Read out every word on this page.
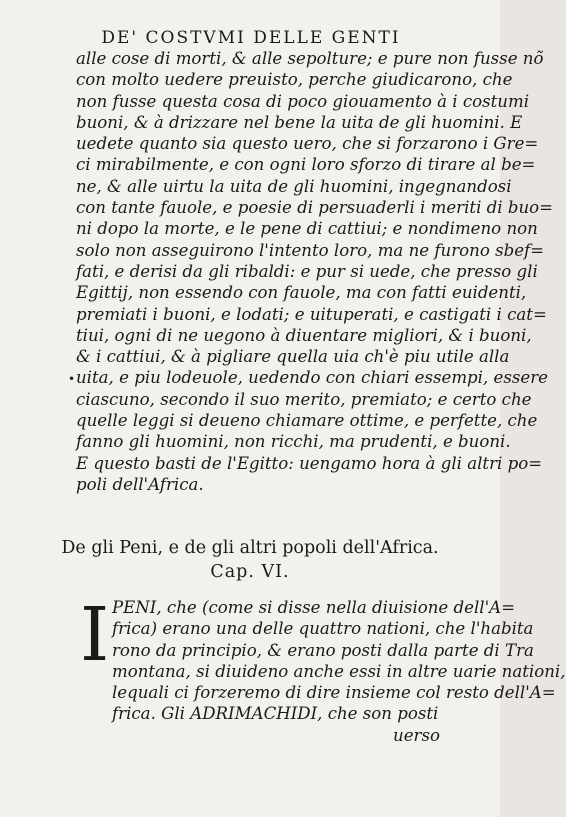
DE' COSTVMI DELLE GENTI
alle cose di morti, & alle sepolture; e pure non fusse nõ
con molto uedere preuisto, perche giudicarono, che
non fusse questa cosa di poco giouamento à i costumi
buoni, & à drizzare nel bene la uita de gli huomini. E
uedete quanto sia questo uero, che si forzarono i Gre=
ci mirabilmente, e con ogni loro sforzo di tirare al be=
ne, & alle uirtu la uita de gli huomini, ingegnandosi
con tante fauole, e poesie di persuaderli i meriti di buo=
ni dopo la morte, e le pene di cattiui; e nondimeno non
solo non asseguirono l'intento loro, ma ne furono sbef=
fati, e derisi da gli ribaldi: e pur si uede, che presso gli
Egittij, non essendo con fauole, ma con fatti euidenti,
premiati i buoni, e lodati; e uituperati, e castigati i cat=
tiui, ogni di ne uegono à diuentare migliori, & i buoni,
& i cattiui, & à pigliare quella uia ch'è piu utile alla
uita, e piu lodeuole, uedendo con chiari essempi, essere
ciascuno, secondo il suo merito, premiato; e certo che
quelle leggi si deueno chiamare ottime, e perfette, che
fanno gli huomini, non ricchi, ma prudenti, e buoni.
E questo basti de l'Egitto: uengamo hora à gli altri po=
poli dell'Africa.
•
De gli Peni, e de gli altri popoli dell'Africa.
Cap. VI.
I PENI, che (come si disse nella diuisione dell'A=
frica) erano una delle quattro nationi, che l'habita
rono da principio, & erano posti dalla parte di Tra
montana, si diuideno anche essi in altre uarie nationi,
lequali ci forzeremo di dire insieme col resto dell'A=
frica. Gli ADRIMACHIDI, che son posti
uerso
